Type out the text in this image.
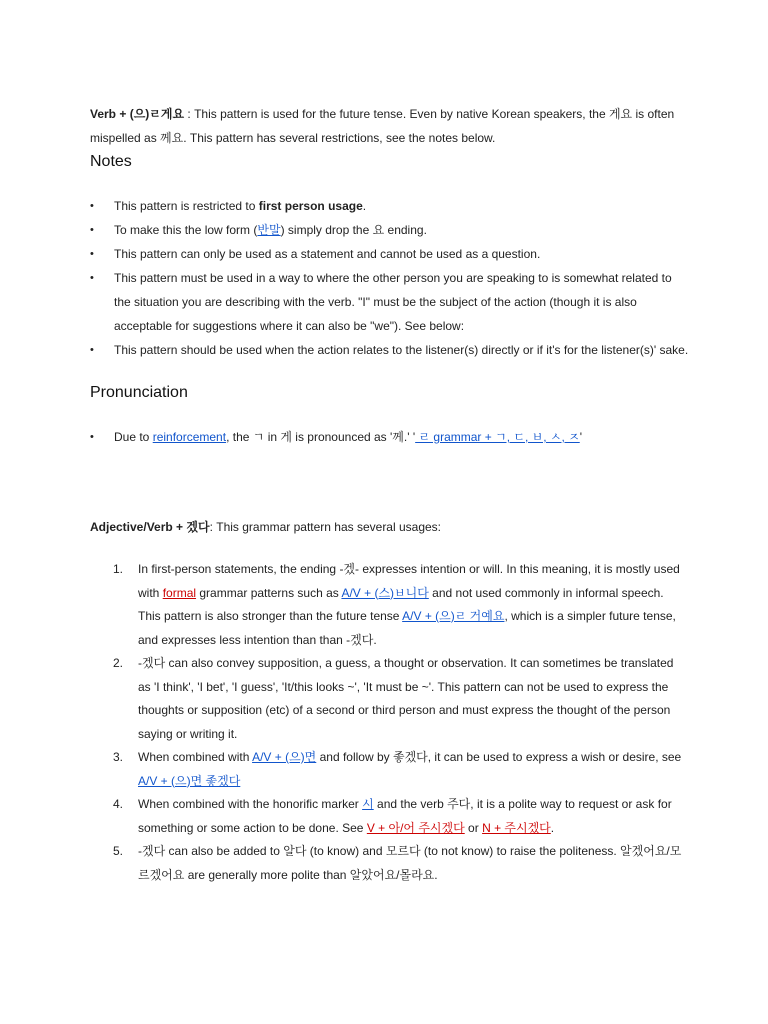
Verb + (으)ㄹ게요 : This pattern is used for the future tense. Even by native Korean speakers, the 게요 is often mispelled as 께요. This pattern has several restrictions, see the notes below.
Notes
• This pattern is restricted to first person usage.
• To make this the low form (반말) simply drop the 요 ending.
• This pattern can only be used as a statement and cannot be used as a question.
• This pattern must be used in a way to where the other person you are speaking to is somewhat related to the situation you are describing with the verb. "I" must be the subject of the action (though it is also acceptable for suggestions where it can also be "we"). See below:
• This pattern should be used when the action relates to the listener(s) directly or if it's for the listener(s)' sake.
Pronunciation
• Due to reinforcement, the ㄱ in 게 is pronounced as '께.' ' ㄹ grammar + ㄱ, ㄷ, ㅂ, ㅅ, ㅈ'
Adjective/Verb + 겠다: This grammar pattern has several usages:
1. In first-person statements, the ending -겠- expresses intention or will. In this meaning, it is mostly used with formal grammar patterns such as A/V + (스)ㅂ니다 and not used commonly in informal speech. This pattern is also stronger than the future tense A/V + (으)ㄹ 거예요, which is a simpler future tense, and expresses less intention than than -겠다.
2. -겠다 can also convey supposition, a guess, a thought or observation. It can sometimes be translated as 'I think', 'I bet', 'I guess', 'It/this looks ~', 'It must be ~'. This pattern can not be used to express the thoughts or supposition (etc) of a second or third person and must express the thought of the person saying or writing it.
3. When combined with A/V + (으)면 and follow by 좋겠다, it can be used to express a wish or desire, see A/V + (으)면 좋겠다
4. When combined with the honorific marker 시 and the verb 주다, it is a polite way to request or ask for something or some action to be done. See V + 아/어 주시겠다 or N + 주시겠다.
5. -겠다 can also be added to 알다 (to know) and 모르다 (to not know) to raise the politeness. 알겠어요/모르겠어요 are generally more polite than 알았어요/몰라요.
